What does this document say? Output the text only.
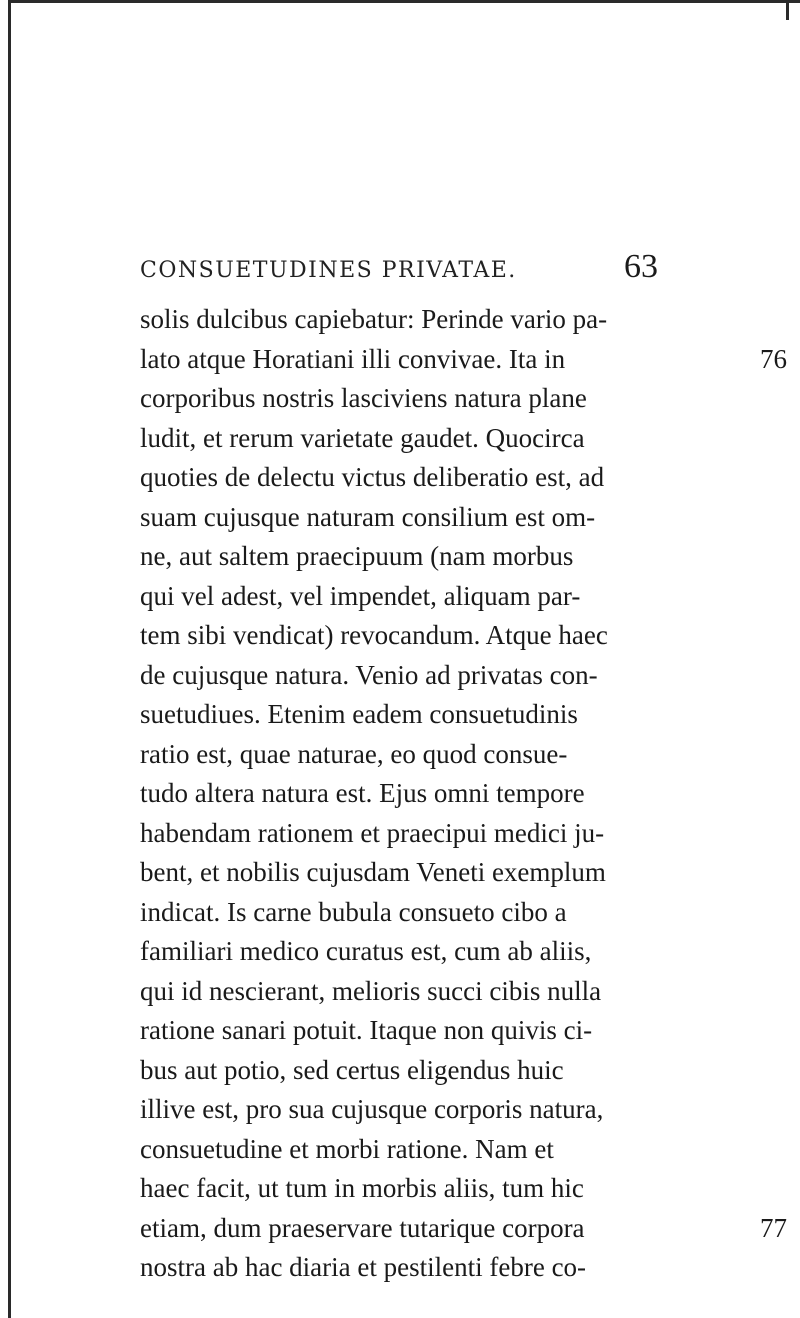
CONSUETUDINES PRIVATAE.	63
solis dulcibus capiebatur: Perinde vario pa-
lato atque Horatiani illi convivae. Ita in	76
corporibus nostris lasciviens natura plane
ludit, et rerum varietate gaudet. Quocirca
quoties de delectu victus deliberatio est, ad
suam cujusque naturam consilium est om-
ne, aut saltem praecipuum (nam morbus
qui vel adest, vel impendet, aliquam par-
tem sibi vendicat) revocandum. Atque haec
de cujusque natura. Venio ad privatas con-
suetudiues. Etenim eadem consuetudinis
ratio est, quae naturae, eo quod consue-
tudo altera natura est. Ejus omni tempore
habendam rationem et praecipui medici ju-
bent, et nobilis cujusdam Veneti exemplum
indicat. Is carne bubula consueto cibo a
familiari medico curatus est, cum ab aliis,
qui id nescierant, melioris succi cibis nulla
ratione sanari potuit. Itaque non quivis ci-
bus aut potio, sed certus eligendus huic
illive est, pro sua cujusque corporis natura,
consuetudine et morbi ratione. Nam et
haec facit, ut tum in morbis aliis, tum hic
etiam, dum praeservare tutarique corpora	77
nostra ab hac diaria et pestilenti febre co-
